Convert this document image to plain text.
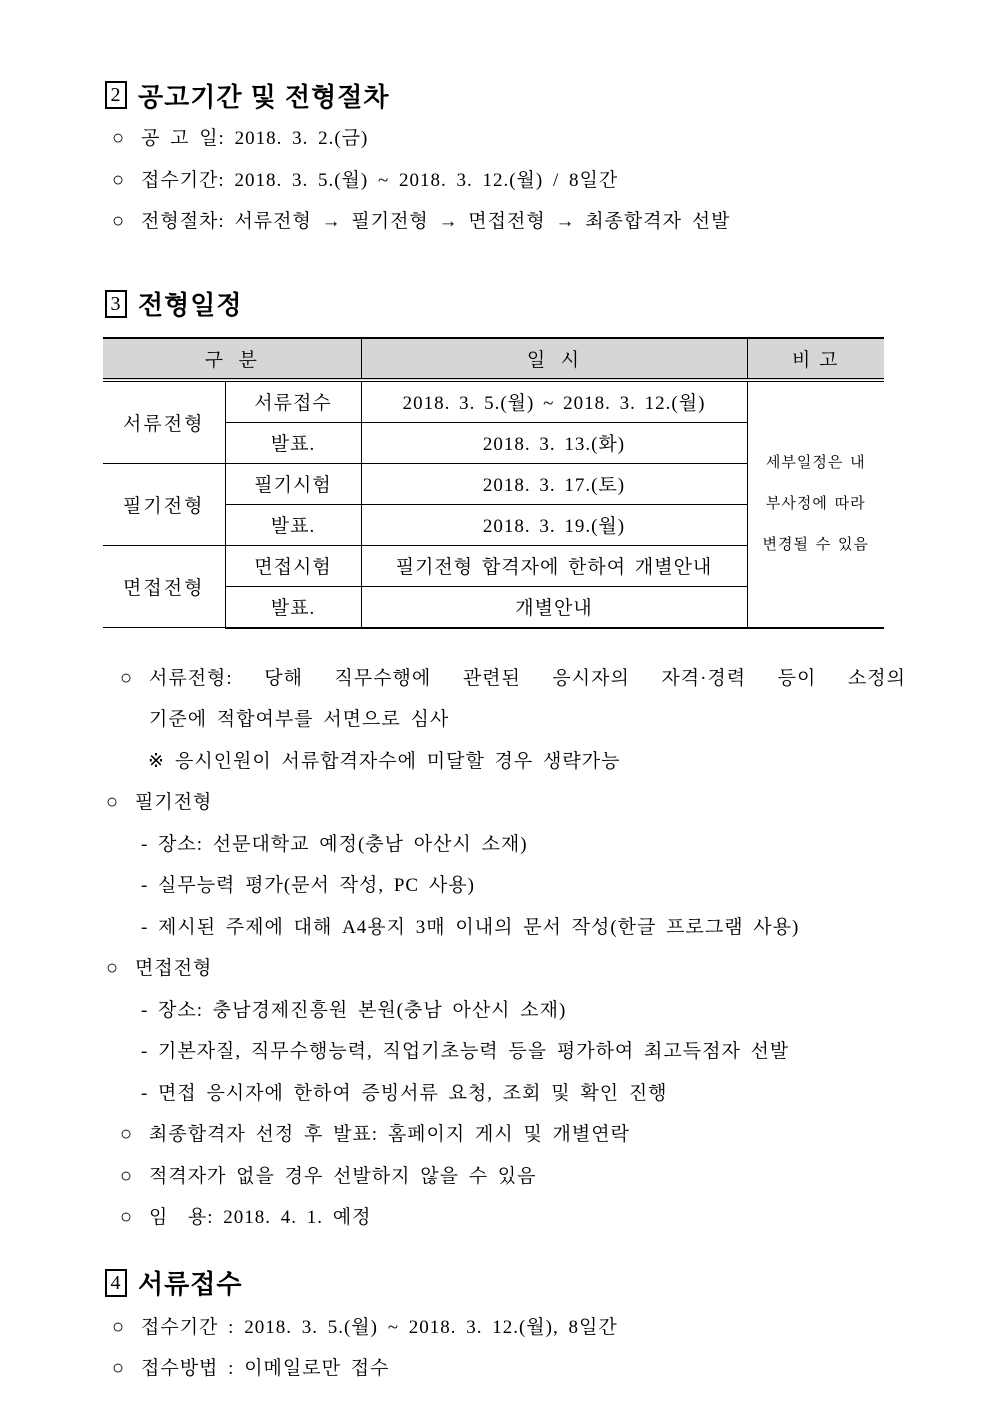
2 공고기간 및 전형절차
○ 공 고 일: 2018. 3. 2.(금)
○ 접수기간: 2018. 3. 5.(월) ~ 2018. 3. 12.(월) / 8일간
○ 전형절차: 서류전형 → 필기전형 → 면접전형 → 최종합격자 선발
3 전형일정
구  분		일  시	비 고
서류전형	서류접수	2018. 3. 5.(월) ~ 2018. 3. 12.(월)	세부일정은 내부사정에 따라 변경될 수 있음
	발표.	2018. 3. 13.(화)	
필기전형	필기시험	2018. 3. 17.(토)	
	발표.	2018. 3. 19.(월)	
면접전형	면접시험	필기전형 합격자에 한하여 개별안내	
	발표.	개별안내	
○ 서류전형: 당해 직무수행에 관련된 응시자의 자격·경력 등이 소정의
기준에 적합여부를 서면으로 심사
※ 응시인원이 서류합격자수에 미달할 경우 생략가능
○ 필기전형
- 장소: 선문대학교 예정(충남 아산시 소재)
- 실무능력 평가(문서 작성, PC 사용)
- 제시된 주제에 대해 A4용지 3매 이내의 문서 작성(한글 프로그램 사용)
○ 면접전형
- 장소: 충남경제진흥원 본원(충남 아산시 소재)
- 기본자질, 직무수행능력, 직업기초능력 등을 평가하여 최고득점자 선발
- 면접 응시자에 한하여 증빙서류 요청, 조회 및 확인 진행
○ 최종합격자 선정 후 발표: 홈페이지 게시 및 개별연락
○ 적격자가 없을 경우 선발하지 않을 수 있음
○ 임  용: 2018. 4. 1. 예정
4 서류접수
○ 접수기간 : 2018. 3. 5.(월) ~ 2018. 3. 12.(월), 8일간
○ 접수방법 : 이메일로만 접수
